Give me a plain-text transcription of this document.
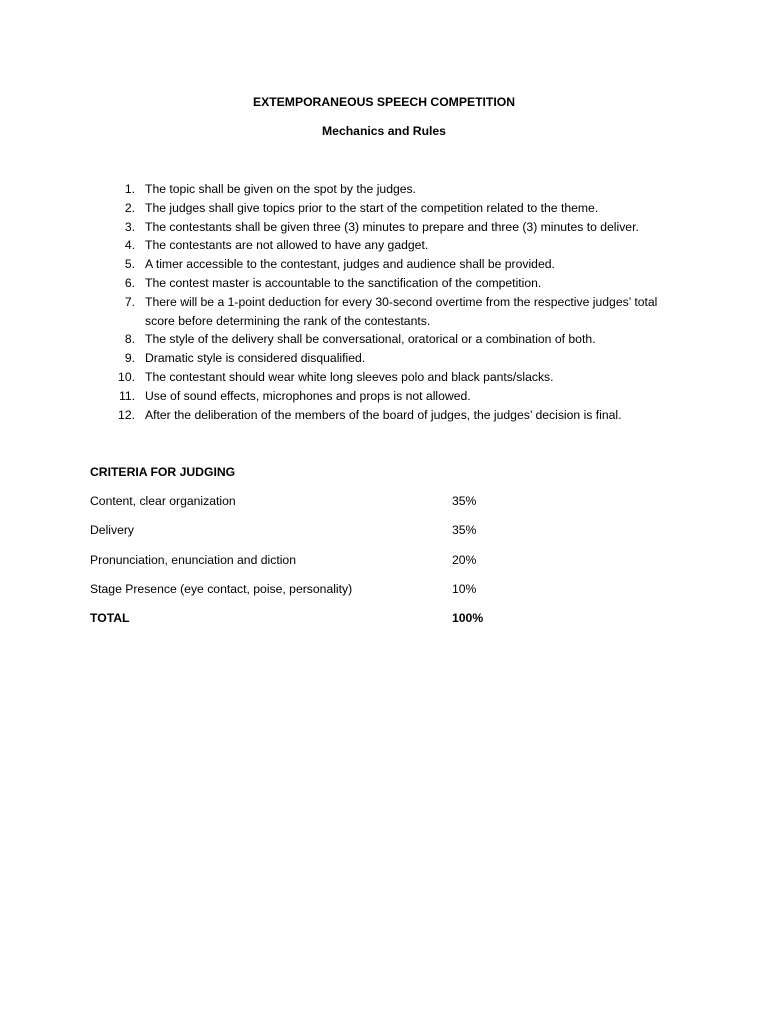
EXTEMPORANEOUS SPEECH COMPETITION
Mechanics and Rules
1. The topic shall be given on the spot by the judges.
2. The judges shall give topics prior to the start of the competition related to the theme.
3. The contestants shall be given three (3) minutes to prepare and three (3) minutes to deliver.
4. The contestants are not allowed to have any gadget.
5. A timer accessible to the contestant, judges and audience shall be provided.
6. The contest master is accountable to the sanctification of the competition.
7. There will be a 1-point deduction for every 30-second overtime from the respective judges’ total score before determining the rank of the contestants.
8. The style of the delivery shall be conversational, oratorical or a combination of both.
9. Dramatic style is considered disqualified.
10. The contestant should wear white long sleeves polo and black pants/slacks.
11. Use of sound effects, microphones and props is not allowed.
12. After the deliberation of the members of the board of judges, the judges’ decision is final.
CRITERIA FOR JUDGING
Content, clear organization	35%
Delivery	35%
Pronunciation, enunciation and diction	20%
Stage Presence (eye contact, poise, personality)	10%
TOTAL	100%
